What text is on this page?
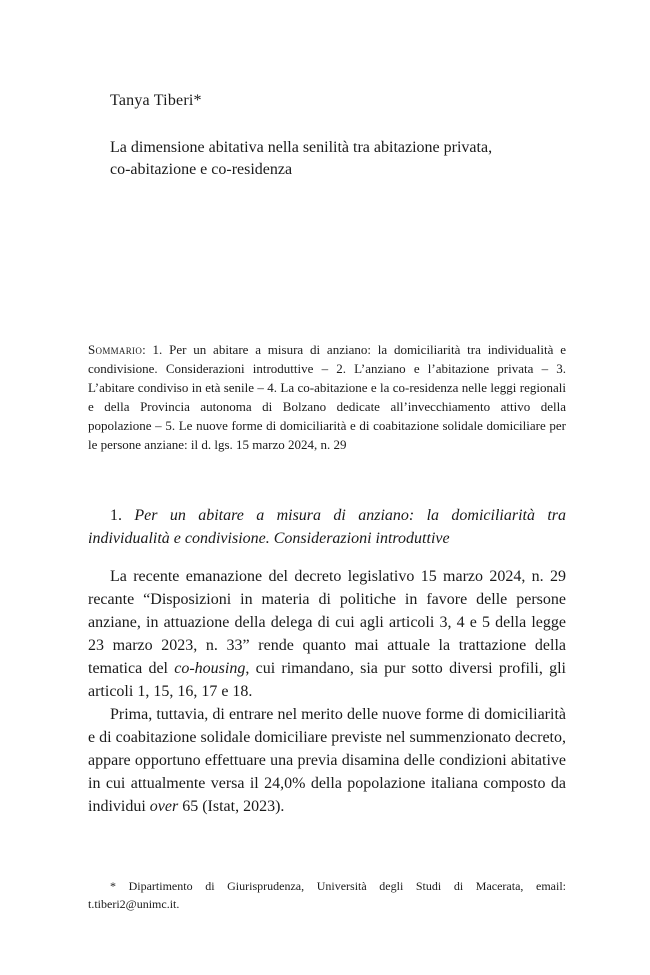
Tanya Tiberi*
La dimensione abitativa nella senilità tra abitazione privata,
co-abitazione e co-residenza
Sommario: 1. Per un abitare a misura di anziano: la domiciliarità tra individualità e condivisione. Considerazioni introduttive – 2. L’anziano e l’abitazione privata – 3. L’abitare condiviso in età senile – 4. La co-abitazione e la co-residenza nelle leggi regionali e della Provincia autonoma di Bolzano dedicate all’invecchiamento attivo della popolazione – 5. Le nuove forme di domiciliarità e di coabitazione solidale domiciliare per le persone anziane: il d. lgs. 15 marzo 2024, n. 29
1. Per un abitare a misura di anziano: la domiciliarità tra individualità e condivisione. Considerazioni introduttive

La recente emanazione del decreto legislativo 15 marzo 2024, n. 29 recante “Disposizioni in materia di politiche in favore delle persone anziane, in attuazione della delega di cui agli articoli 3, 4 e 5 della legge 23 marzo 2023, n. 33” rende quanto mai attuale la trattazione della tematica del co-housing, cui rimandano, sia pur sotto diversi profili, gli articoli 1, 15, 16, 17 e 18.

Prima, tuttavia, di entrare nel merito delle nuove forme di domiciliarità e di coabitazione solidale domiciliare previste nel summenzionato decreto, appare opportuno effettuare una previa disamina delle condizioni abitative in cui attualmente versa il 24,0% della popolazione italiana composto da individui over 65 (Istat, 2023).

* Dipartimento di Giurisprudenza, Università degli Studi di Macerata, email: t.tiberi2@unimc.it.
